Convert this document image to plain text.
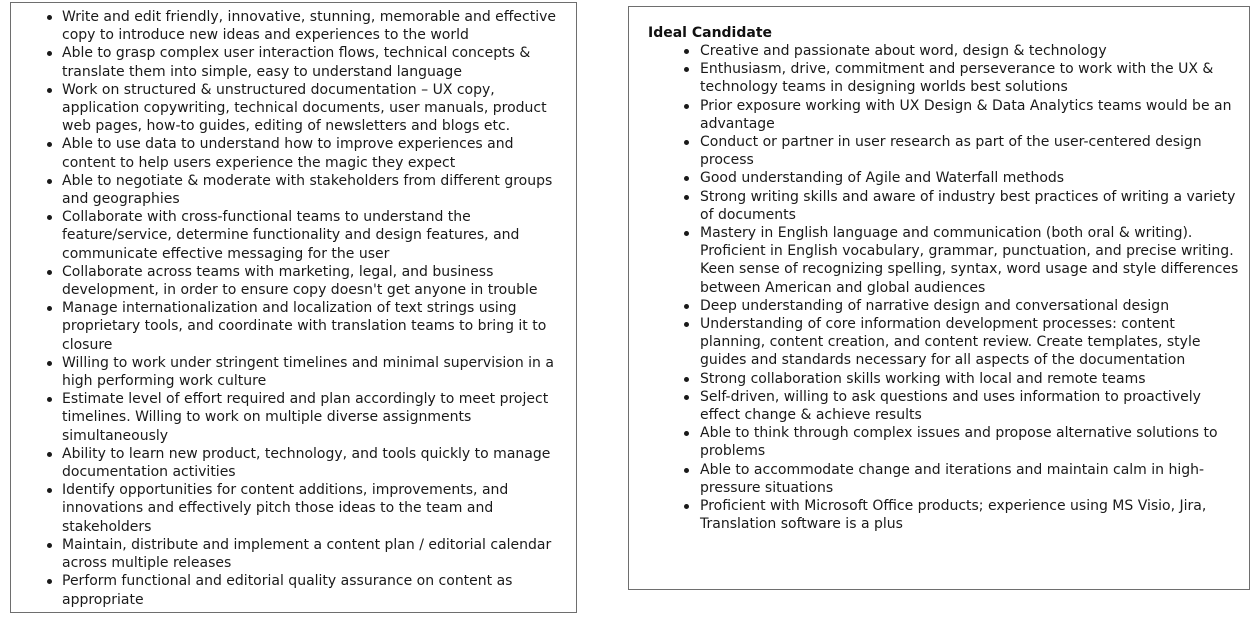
Write and edit friendly, innovative, stunning, memorable and effective copy to introduce new ideas and experiences to the world
Able to grasp complex user interaction flows, technical concepts & translate them into simple, easy to understand language
Work on structured & unstructured documentation – UX copy, application copywriting, technical documents, user manuals, product web pages, how-to guides, editing of newsletters and blogs etc.
Able to use data to understand how to improve experiences and content to help users experience the magic they expect
Able to negotiate & moderate with stakeholders from different groups and geographies
Collaborate with cross-functional teams to understand the feature/service, determine functionality and design features, and communicate effective messaging for the user
Collaborate across teams with marketing, legal, and business development, in order to ensure copy doesn't get anyone in trouble
Manage internationalization and localization of text strings using proprietary tools, and coordinate with translation teams to bring it to closure
Willing to work under stringent timelines and minimal supervision in a high performing work culture
Estimate level of effort required and plan accordingly to meet project timelines. Willing to work on multiple diverse assignments simultaneously
Ability to learn new product, technology, and tools quickly to manage documentation activities
Identify opportunities for content additions, improvements, and innovations and effectively pitch those ideas to the team and stakeholders
Maintain, distribute and implement a content plan / editorial calendar across multiple releases
Perform functional and editorial quality assurance on content as appropriate
Ideal Candidate
Creative and passionate about word, design & technology
Enthusiasm, drive, commitment and perseverance to work with the UX & technology teams in designing worlds best solutions
Prior exposure working with UX Design & Data Analytics teams would be an advantage
Conduct or partner in user research as part of the user-centered design process
Good understanding of Agile and Waterfall methods
Strong writing skills and aware of industry best practices of writing a variety of documents
Mastery in English language and communication (both oral & writing). Proficient in English vocabulary, grammar, punctuation, and precise writing. Keen sense of recognizing spelling, syntax, word usage and style differences between American and global audiences
Deep understanding of narrative design and conversational design
Understanding of core information development processes: content planning, content creation, and content review. Create templates, style guides and standards necessary for all aspects of the documentation
Strong collaboration skills working with local and remote teams
Self-driven, willing to ask questions and uses information to proactively effect change & achieve results
Able to think through complex issues and propose alternative solutions to problems
Able to accommodate change and iterations and maintain calm in high-pressure situations
Proficient with Microsoft Office products; experience using MS Visio, Jira, Translation software is a plus
